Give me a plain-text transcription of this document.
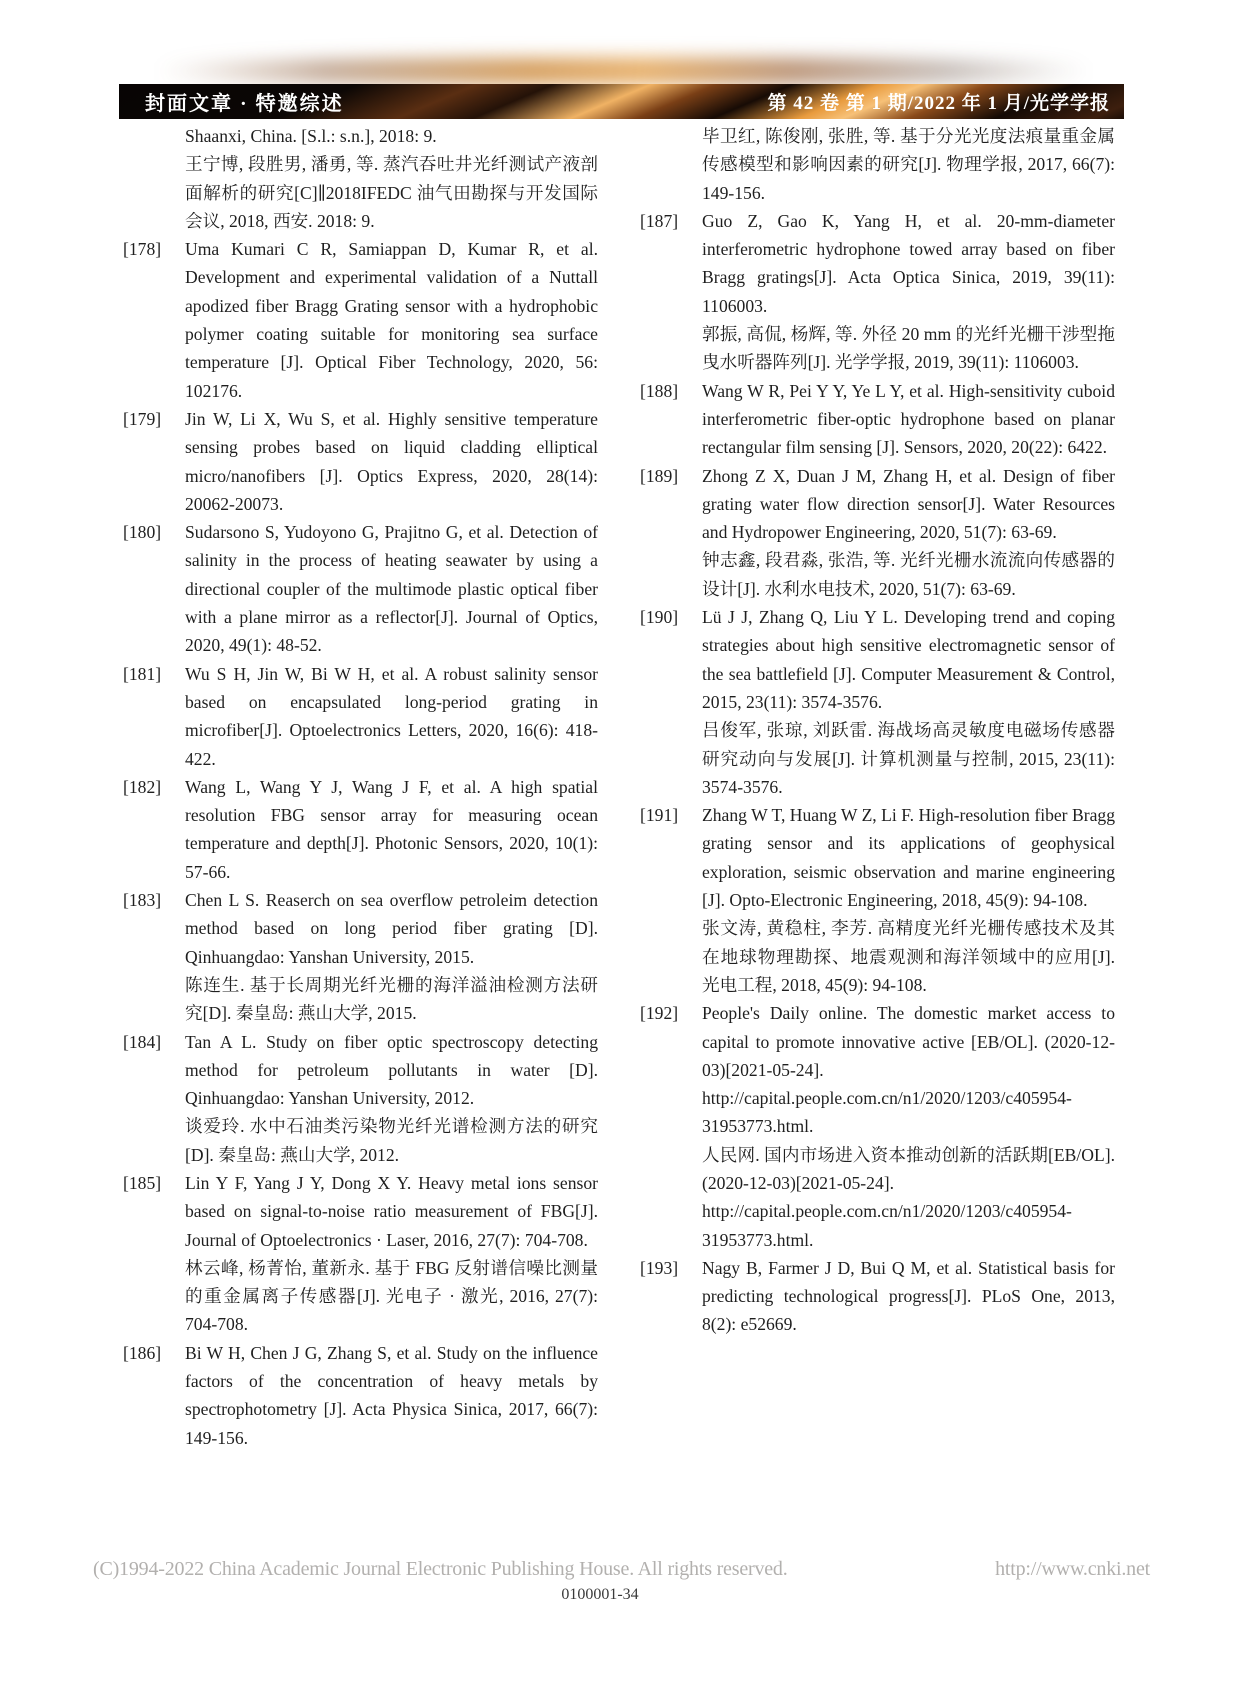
封面文章 · 特邀综述	第 42 卷 第 1 期/2022 年 1 月/光学学报

Shaanxi, China. [S.l.: s.n.], 2018: 9.

王宁博, 段胜男, 潘勇, 等. 蒸汽吞吐井光纤测试产液剖面解析的研究[C]∥2018IFEDC 油气田勘探与开发国际会议, 2018, 西安. 2018: 9.

[178] Uma Kumari C R, Samiappan D, Kumar R, et al. Development and experimental validation of a Nuttall apodized fiber Bragg Grating sensor with a hydrophobic polymer coating suitable for monitoring sea surface temperature [J]. Optical Fiber Technology, 2020, 56: 102176.

[179] Jin W, Li X, Wu S, et al. Highly sensitive temperature sensing probes based on liquid cladding elliptical micro/nanofibers [J]. Optics Express, 2020, 28(14): 20062-20073.

[180] Sudarsono S, Yudoyono G, Prajitno G, et al. Detection of salinity in the process of heating seawater by using a directional coupler of the multimode plastic optical fiber with a plane mirror as a reflector[J]. Journal of Optics, 2020, 49(1): 48-52.

[181] Wu S H, Jin W, Bi W H, et al. A robust salinity sensor based on encapsulated long-period grating in microfiber[J]. Optoelectronics Letters, 2020, 16(6): 418-422.

[182] Wang L, Wang Y J, Wang J F, et al. A high spatial resolution FBG sensor array for measuring ocean temperature and depth[J]. Photonic Sensors, 2020, 10(1): 57-66.

[183] Chen L S. Reaserch on sea overflow petroleim detection method based on long period fiber grating [D]. Qinhuangdao: Yanshan University, 2015.

陈连生. 基于长周期光纤光栅的海洋溢油检测方法研究[D]. 秦皇岛: 燕山大学, 2015.

[184] Tan A L. Study on fiber optic spectroscopy detecting method for petroleum pollutants in water [D]. Qinhuangdao: Yanshan University, 2012.

谈爱玲. 水中石油类污染物光纤光谱检测方法的研究[D]. 秦皇岛: 燕山大学, 2012.

[185] Lin Y F, Yang J Y, Dong X Y. Heavy metal ions sensor based on signal-to-noise ratio measurement of FBG[J]. Journal of Optoelectronics · Laser, 2016, 27(7): 704-708.

林云峰, 杨菁怡, 董新永. 基于 FBG 反射谱信噪比测量的重金属离子传感器[J]. 光电子 · 激光, 2016, 27(7): 704-708.

[186] Bi W H, Chen J G, Zhang S, et al. Study on the influence factors of the concentration of heavy metals by spectrophotometry [J]. Acta Physica Sinica, 2017, 66(7): 149-156.

毕卫红, 陈俊刚, 张胜, 等. 基于分光光度法痕量重金属传感模型和影响因素的研究[J]. 物理学报, 2017, 66(7): 149-156.

[187] Guo Z, Gao K, Yang H, et al. 20-mm-diameter interferometric hydrophone towed array based on fiber Bragg gratings[J]. Acta Optica Sinica, 2019, 39(11): 1106003.

郭振, 高侃, 杨辉, 等. 外径 20 mm 的光纤光栅干涉型拖曳水听器阵列[J]. 光学学报, 2019, 39(11): 1106003.

[188] Wang W R, Pei Y Y, Ye L Y, et al. High-sensitivity cuboid interferometric fiber-optic hydrophone based on planar rectangular film sensing [J]. Sensors, 2020, 20(22): 6422.

[189] Zhong Z X, Duan J M, Zhang H, et al. Design of fiber grating water flow direction sensor[J]. Water Resources and Hydropower Engineering, 2020, 51(7): 63-69.

钟志鑫, 段君淼, 张浩, 等. 光纤光栅水流流向传感器的设计[J]. 水利水电技术, 2020, 51(7): 63-69.

[190] Lü J J, Zhang Q, Liu Y L. Developing trend and coping strategies about high sensitive electromagnetic sensor of the sea battlefield [J]. Computer Measurement & Control, 2015, 23(11): 3574-3576.

吕俊军, 张琼, 刘跃雷. 海战场高灵敏度电磁场传感器研究动向与发展[J]. 计算机测量与控制, 2015, 23(11): 3574-3576.

[191] Zhang W T, Huang W Z, Li F. High-resolution fiber Bragg grating sensor and its applications of geophysical exploration, seismic observation and marine engineering [J]. Opto-Electronic Engineering, 2018, 45(9): 94-108.

张文涛, 黄稳柱, 李芳. 高精度光纤光栅传感技术及其在地球物理勘探、地震观测和海洋领域中的应用[J]. 光电工程, 2018, 45(9): 94-108.

[192] People's Daily online. The domestic market access to capital to promote innovative active [EB/OL]. (2020-12-03)[2021-05-24]. http://capital.people.com.cn/n1/2020/1203/c405954-31953773.html.

人民网. 国内市场进入资本推动创新的活跃期[EB/OL]. (2020-12-03)[2021-05-24]. http://capital.people.com.cn/n1/2020/1203/c405954-31953773.html.

[193] Nagy B, Farmer J D, Bui Q M, et al. Statistical basis for predicting technological progress[J]. PLoS One, 2013, 8(2): e52669.

(C)1994-2022 China Academic Journal Electronic Publishing House. All rights reserved.	http://www.cnki.net
0100001-34
